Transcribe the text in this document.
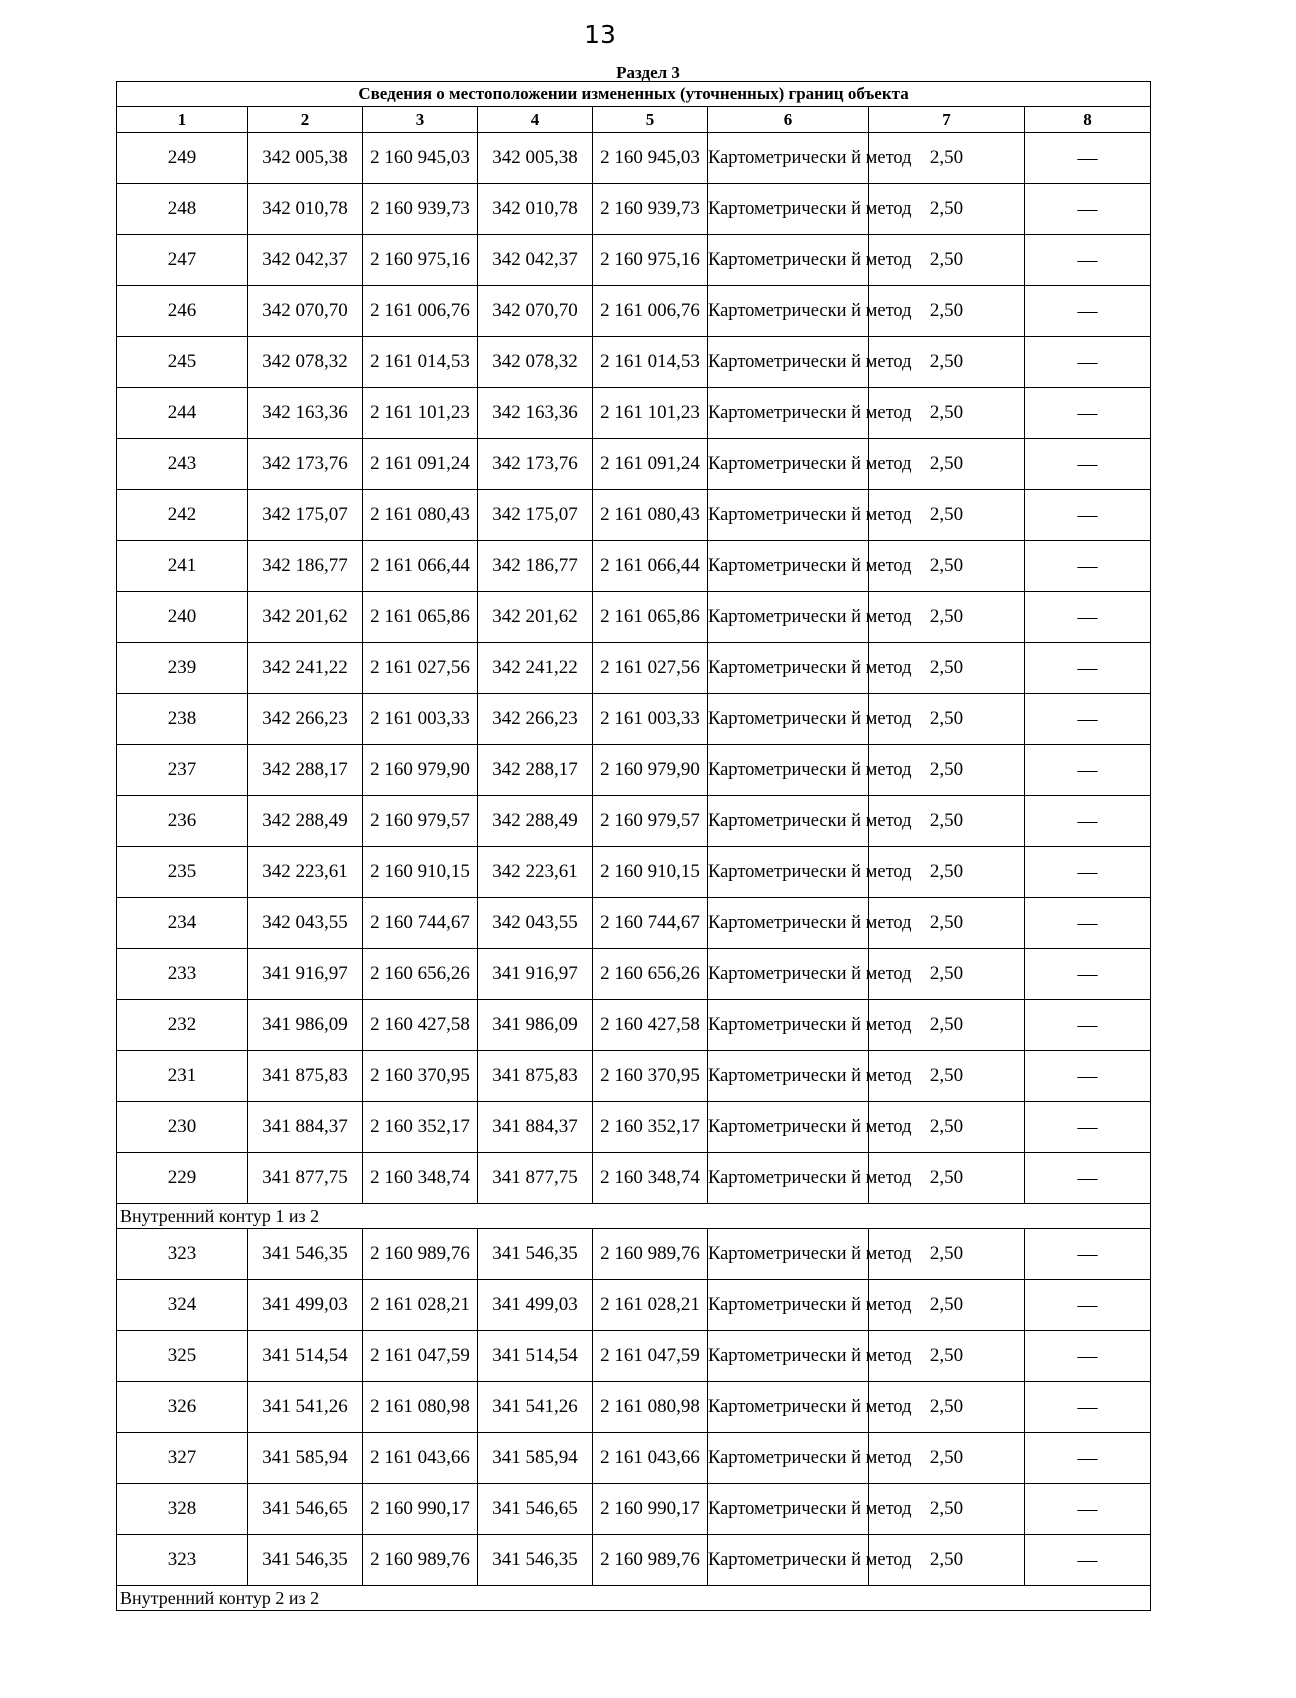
13
Раздел 3
Сведения о местоположении измененных (уточненных) границ объекта							
1	2	3	4	5	6	7	8
249	342 005,38	2 160 945,03	342 005,38	2 160 945,03	Картометрически й метод	2,50	—
248	342 010,78	2 160 939,73	342 010,78	2 160 939,73	Картометрически й метод	2,50	—
247	342 042,37	2 160 975,16	342 042,37	2 160 975,16	Картометрически й метод	2,50	—
246	342 070,70	2 161 006,76	342 070,70	2 161 006,76	Картометрически й метод	2,50	—
245	342 078,32	2 161 014,53	342 078,32	2 161 014,53	Картометрически й метод	2,50	—
244	342 163,36	2 161 101,23	342 163,36	2 161 101,23	Картометрически й метод	2,50	—
243	342 173,76	2 161 091,24	342 173,76	2 161 091,24	Картометрически й метод	2,50	—
242	342 175,07	2 161 080,43	342 175,07	2 161 080,43	Картометрически й метод	2,50	—
241	342 186,77	2 161 066,44	342 186,77	2 161 066,44	Картометрически й метод	2,50	—
240	342 201,62	2 161 065,86	342 201,62	2 161 065,86	Картометрически й метод	2,50	—
239	342 241,22	2 161 027,56	342 241,22	2 161 027,56	Картометрически й метод	2,50	—
238	342 266,23	2 161 003,33	342 266,23	2 161 003,33	Картометрически й метод	2,50	—
237	342 288,17	2 160 979,90	342 288,17	2 160 979,90	Картометрически й метод	2,50	—
236	342 288,49	2 160 979,57	342 288,49	2 160 979,57	Картометрически й метод	2,50	—
235	342 223,61	2 160 910,15	342 223,61	2 160 910,15	Картометрически й метод	2,50	—
234	342 043,55	2 160 744,67	342 043,55	2 160 744,67	Картометрически й метод	2,50	—
233	341 916,97	2 160 656,26	341 916,97	2 160 656,26	Картометрически й метод	2,50	—
232	341 986,09	2 160 427,58	341 986,09	2 160 427,58	Картометрически й метод	2,50	—
231	341 875,83	2 160 370,95	341 875,83	2 160 370,95	Картометрически й метод	2,50	—
230	341 884,37	2 160 352,17	341 884,37	2 160 352,17	Картометрически й метод	2,50	—
229	341 877,75	2 160 348,74	341 877,75	2 160 348,74	Картометрически й метод	2,50	—
Внутренний контур 1 из 2							
323	341 546,35	2 160 989,76	341 546,35	2 160 989,76	Картометрически й метод	2,50	—
324	341 499,03	2 161 028,21	341 499,03	2 161 028,21	Картометрически й метод	2,50	—
325	341 514,54	2 161 047,59	341 514,54	2 161 047,59	Картометрически й метод	2,50	—
326	341 541,26	2 161 080,98	341 541,26	2 161 080,98	Картометрически й метод	2,50	—
327	341 585,94	2 161 043,66	341 585,94	2 161 043,66	Картометрически й метод	2,50	—
328	341 546,65	2 160 990,17	341 546,65	2 160 990,17	Картометрически й метод	2,50	—
323	341 546,35	2 160 989,76	341 546,35	2 160 989,76	Картометрически й метод	2,50	—
Внутренний контур 2 из 2							
